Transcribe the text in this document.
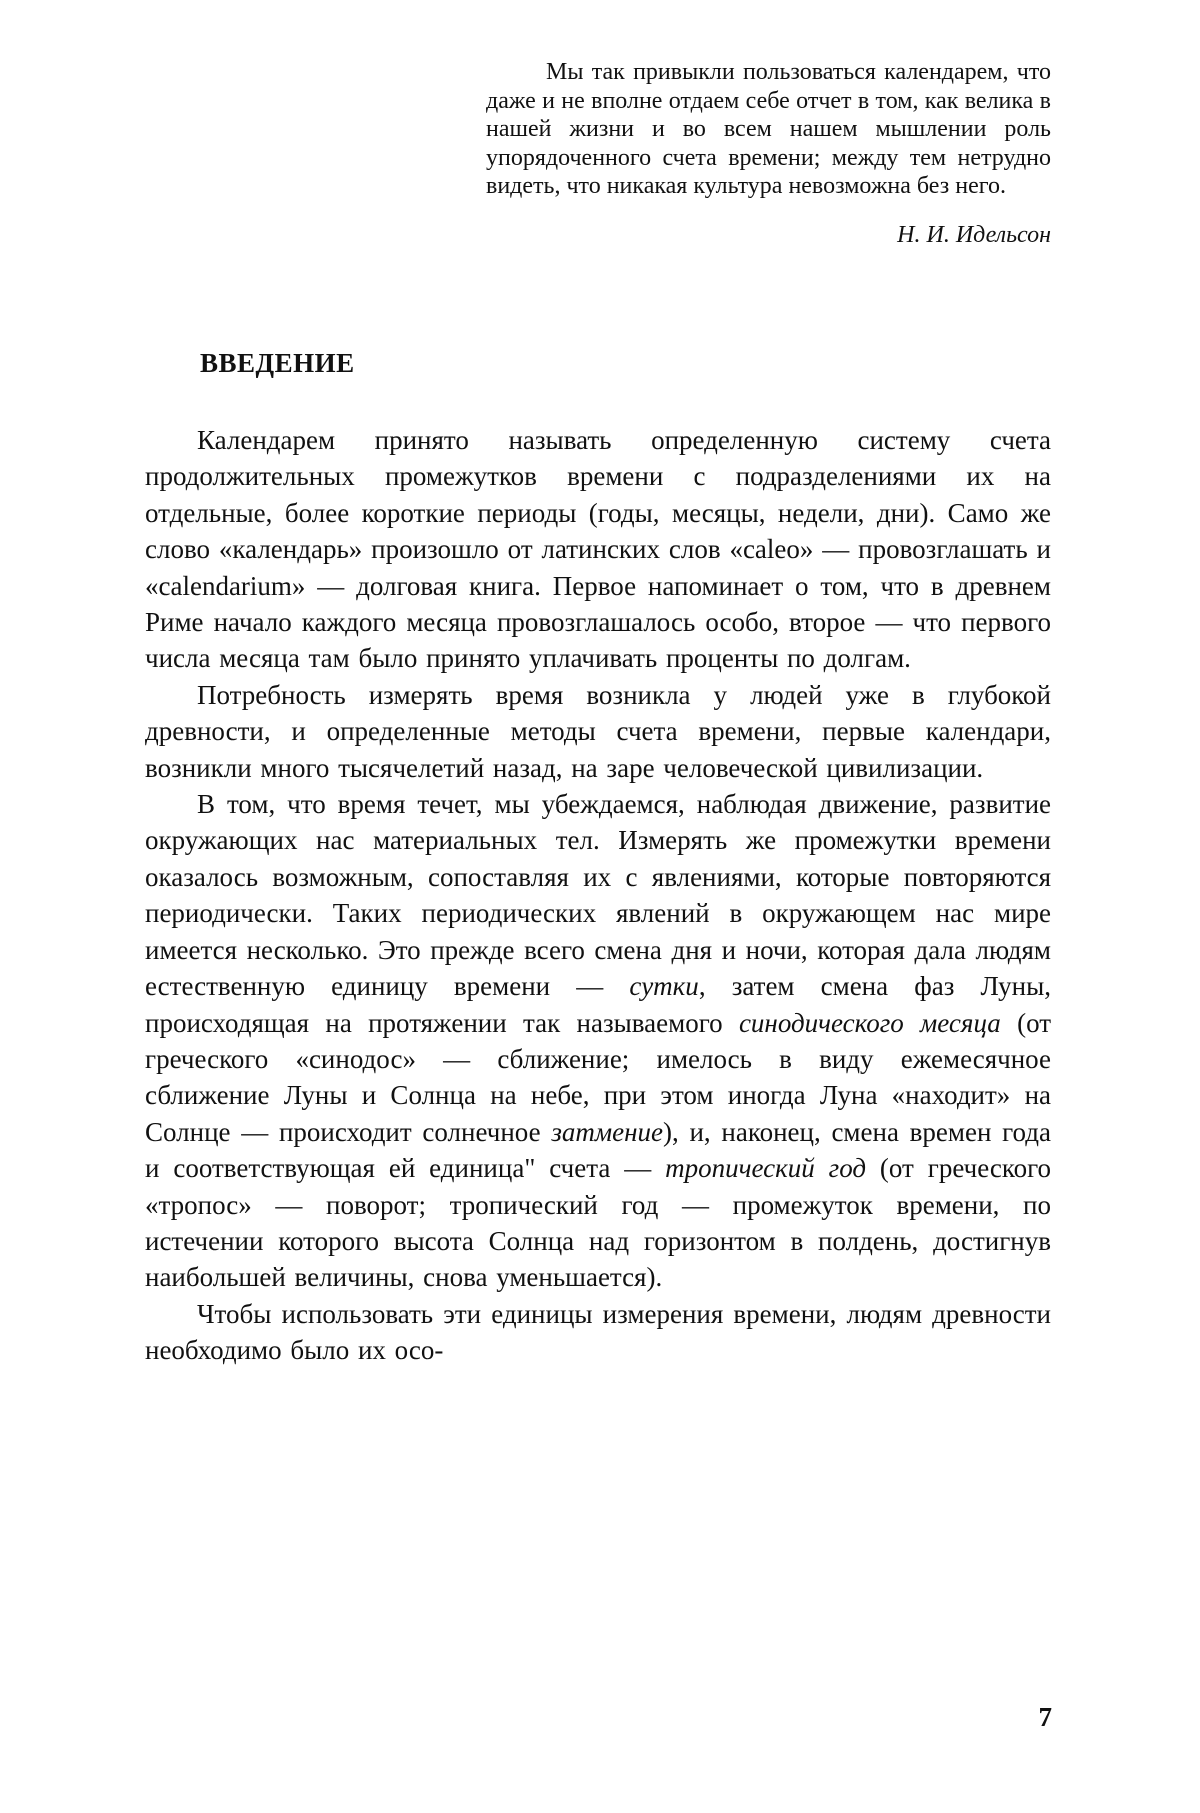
Мы так привыкли пользоваться календарем, что даже и не вполне отдаем себе отчет в том, как велика в нашей жизни и во всем нашем мышлении роль упорядоченного счета времени; между тем нетрудно видеть, что никакая культура невозможна без него.

Н. И. Идельсон

ВВЕДЕНИЕ

Календарем принято называть определенную систему счета продолжительных промежутков времени с подразделениями их на отдельные, более короткие периоды (годы, месяцы, недели, дни). Само же слово «календарь» произошло от латинских слов «calео» — провозглашать и «calendarium» — долговая книга. Первое напоминает о том, что в древнем Риме начало каждого месяца провозглашалось особо, второе — что первого числа месяца там было принято уплачивать проценты по долгам.

Потребность измерять время возникла у людей уже в глубокой древности, и определенные методы счета времени, первые календари, возникли много тысячелетий назад, на заре человеческой цивилизации.

В том, что время течет, мы убеждаемся, наблюдая движение, развитие окружающих нас материальных тел. Измерять же промежутки времени оказалось возможным, сопоставляя их с явлениями, которые повторяются периодически. Таких периодических явлений в окружающем нас мире имеется несколько. Это прежде всего смена дня и ночи, которая дала людям естественную единицу времени — сутки, затем смена фаз Луны, происходящая на протяжении так называемого синодического месяца (от греческого «синодос» — сближение; имелось в виду ежемесячное сближение Луны и Солнца на небе, при этом иногда Луна «находит» на Солнце — происходит солнечное затмение), и, наконец, смена времен года и соответствующая ей единица" счета — тропический год (от греческого «тропос» — поворот; тропический год — промежуток времени, по истечении которого высота Солнца над горизонтом в полдень, достигнув наибольшей величины, снова уменьшается).

Чтобы использовать эти единицы измерения времени, людям древности необходимо было их осо-

7
